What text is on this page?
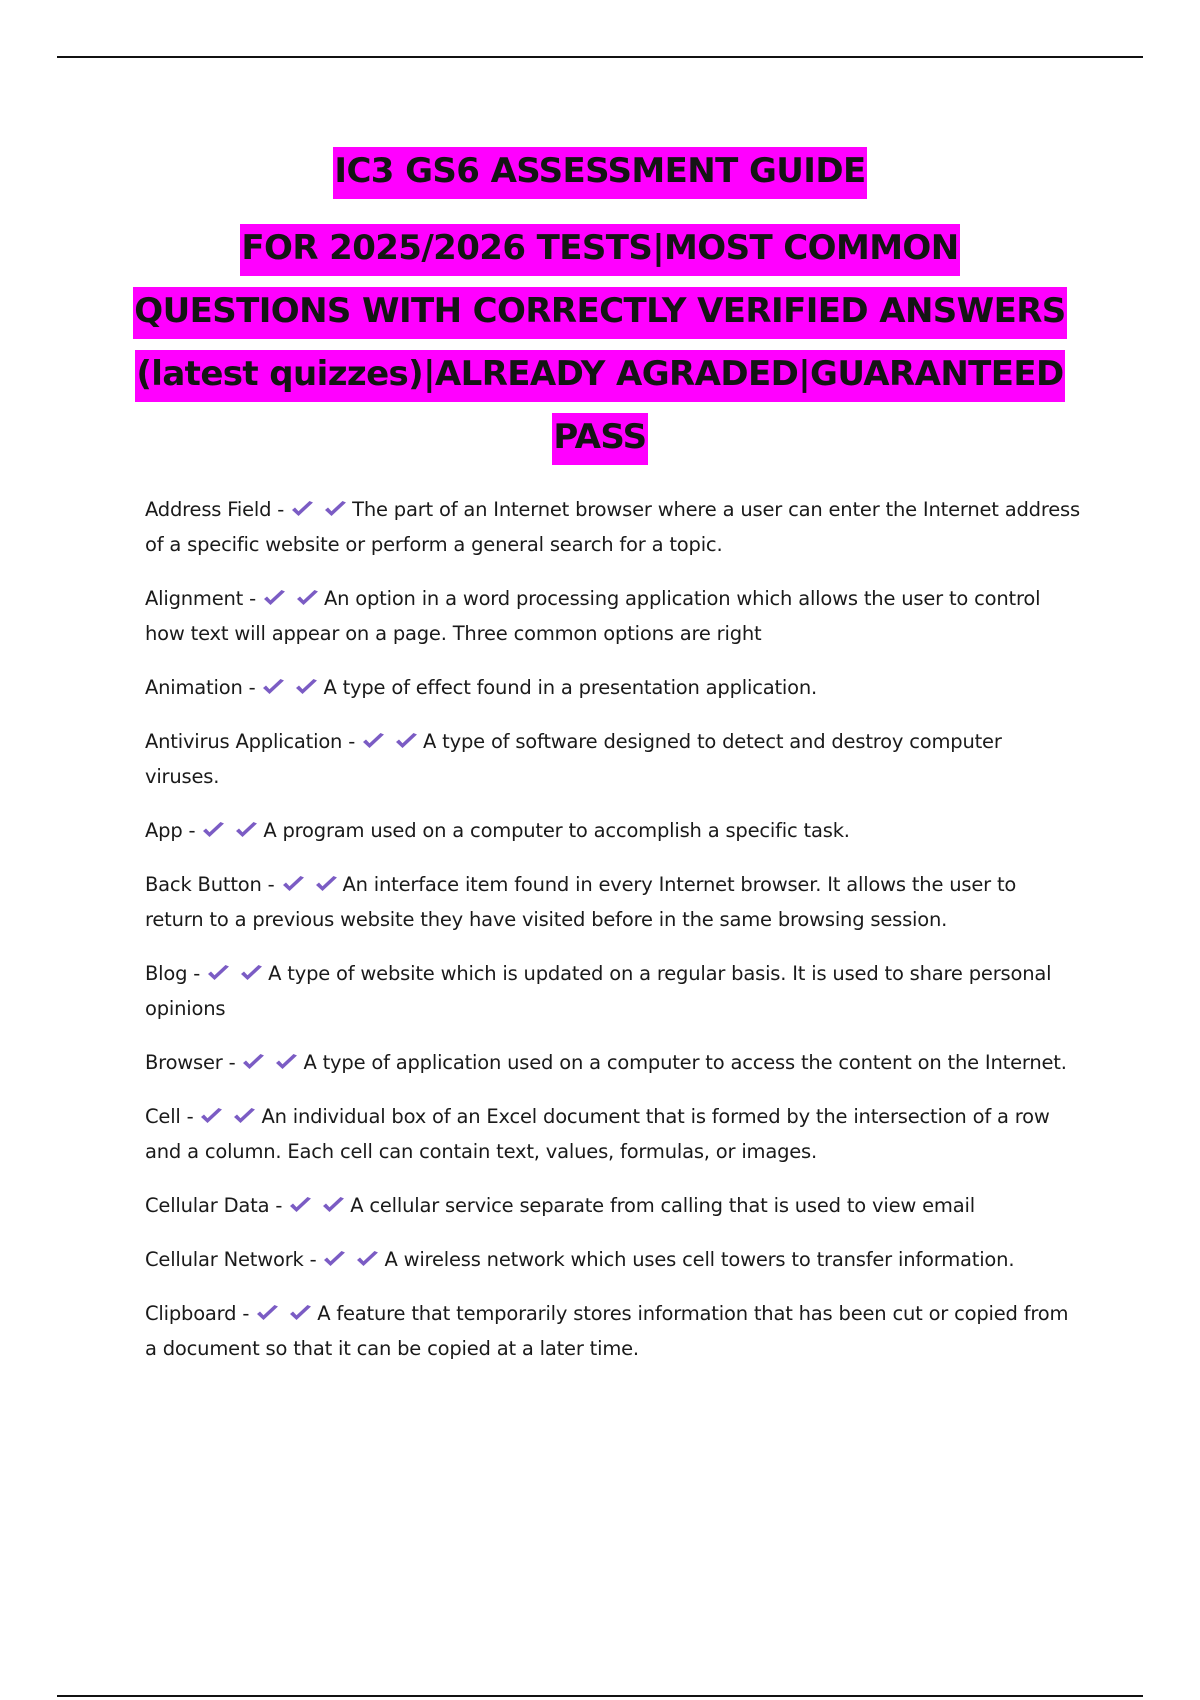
IC3 GS6 ASSESSMENT GUIDE
FOR 2025/2026 TESTS|MOST COMMON
QUESTIONS WITH CORRECTLY VERIFIED ANSWERS
(latest quizzes)|ALREADY AGRADED|GUARANTEED
PASS

Address Field -	The part of an Internet browser where a user can enter the Internet address of a specific website or perform a general search for a topic.

Alignment -	An option in a word processing application which allows the user to control how text will appear on a page. Three common options are right

Animation -	A type of effect found in a presentation application.

Antivirus Application -	A type of software designed to detect and destroy computer viruses.

App -	A program used on a computer to accomplish a specific task.

Back Button -	An interface item found in every Internet browser. It allows the user to return to a previous website they have visited before in the same browsing session.

Blog -	A type of website which is updated on a regular basis. It is used to share personal opinions

Browser -	A type of application used on a computer to access the content on the Internet.

Cell -	An individual box of an Excel document that is formed by the intersection of a row and a column. Each cell can contain text, values, formulas, or images.

Cellular Data -	A cellular service separate from calling that is used to view email

Cellular Network -	A wireless network which uses cell towers to transfer information.

Clipboard -	A feature that temporarily stores information that has been cut or copied from a document so that it can be copied at a later time.
